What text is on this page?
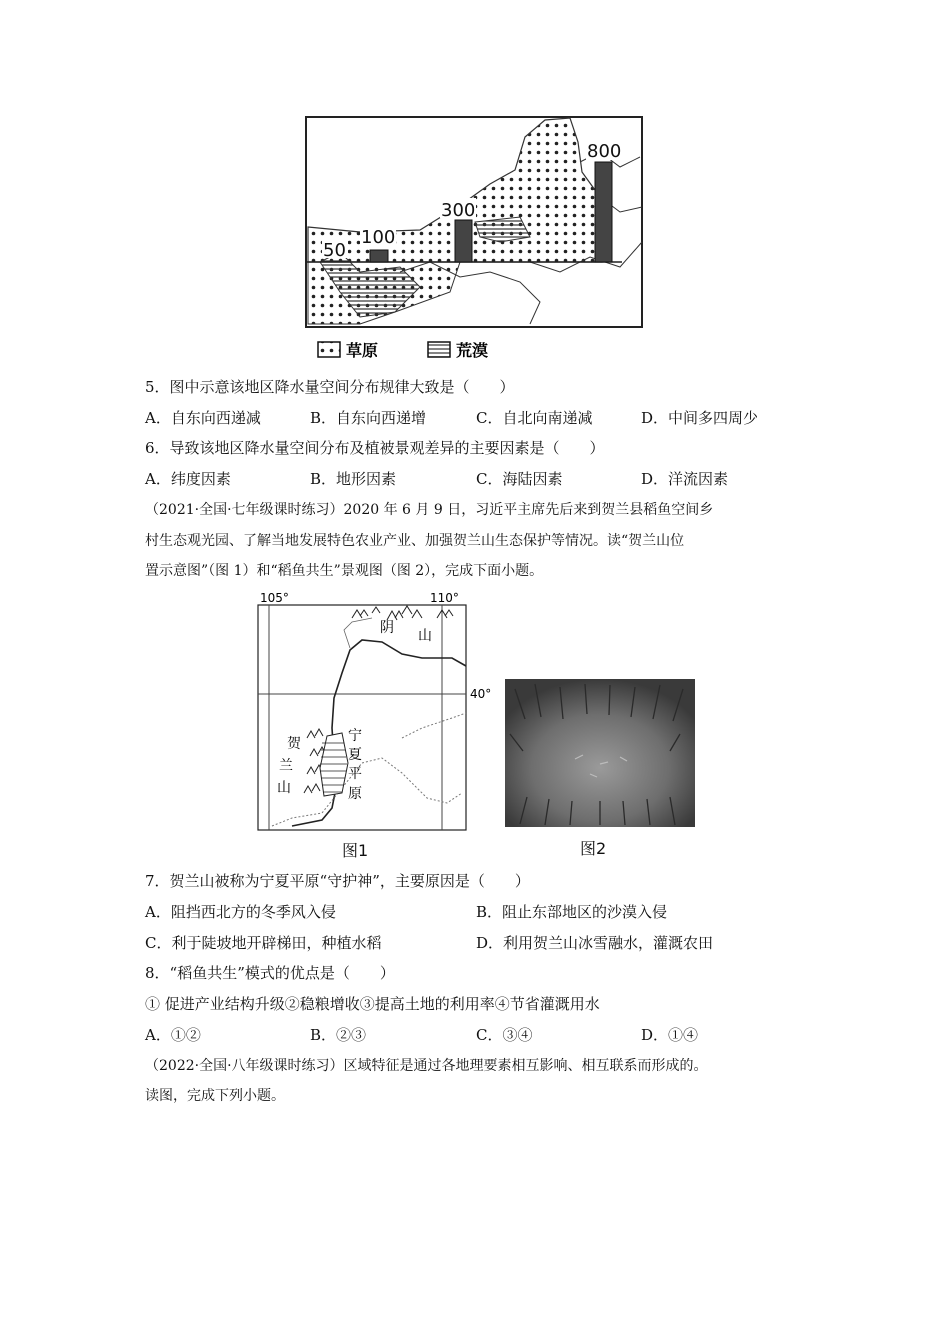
800
300
100
50
草原	荒漠
5．图中示意该地区降水量空间分布规律大致是（　　）
A．自东向西递减	B．自东向西递增	C．自北向南递减	D．中间多四周少
6．导致该地区降水量空间分布及植被景观差异的主要因素是（　　）
A．纬度因素	B．地形因素	C．海陆因素	D．洋流因素
（2021·全国·七年级课时练习）2020 年 6 月 9 日，习近平主席先后来到贺兰县稻鱼空间乡
村生态观光园、了解当地发展特色农业产业、加强贺兰山生态保护等情况。读“贺兰山位
置示意图”（图 1）和“稻鱼共生”景观图（图 2），完成下面小题。
105°	110°
40°
阴 山
贺
兰
山
宁
夏
平
原
图1	图2
7．贺兰山被称为宁夏平原“守护神”，主要原因是（　　）
A．阻挡西北方的冬季风入侵	B．阻止东部地区的沙漠入侵
C．利于陡坡地开辟梯田，种植水稻	D．利用贺兰山冰雪融水，灌溉农田
8．“稻鱼共生”模式的优点是（　　）
① 促进产业结构升级②稳粮增收③提高土地的利用率④节省灌溉用水
A．①②	B．②③	C．③④	D．①④
（2022·全国·八年级课时练习）区域特征是通过各地理要素相互影响、相互联系而形成的。
读图，完成下列小题。
